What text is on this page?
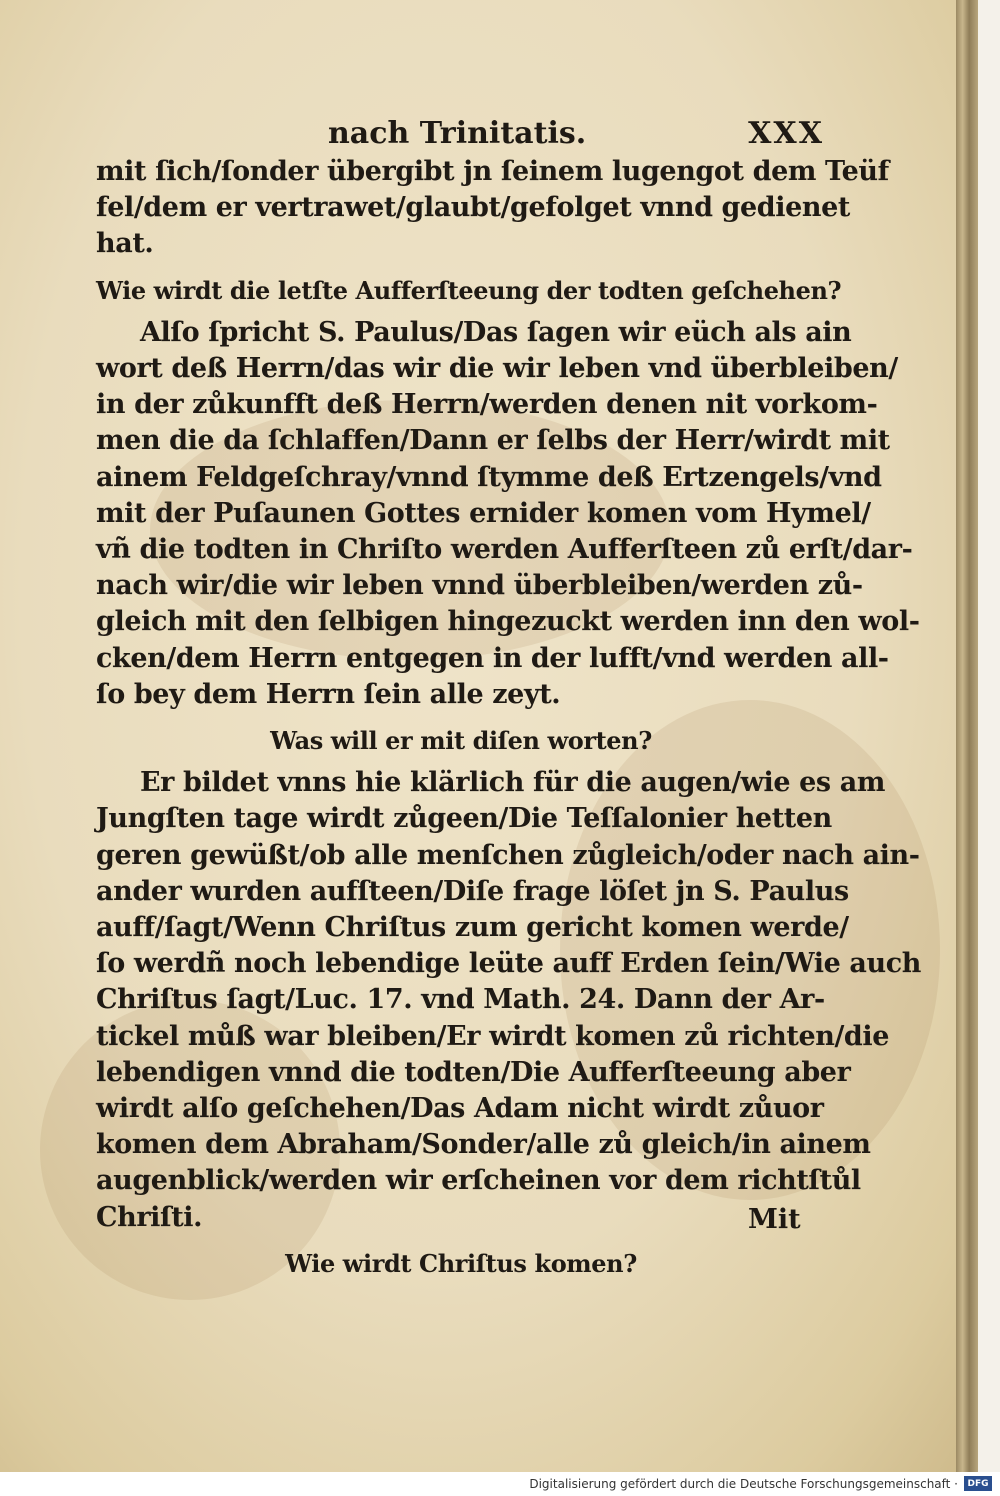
nach Trinitatis.	XXX
mit ſich/ſonder übergibt jn ſeinem lugengot dem Teüf
fel/dem er vertrawet/glaubt/gefolget vnnd gedienet
hat.
Wie wirdt die letſte Aufferſteeung der todten geſchehen?
Alſo ſpricht S. Paulus/Das ſagen wir eüch als ain
wort deß Herrn/das wir die wir leben vnd überbleiben/
in der zůkunfft deß Herrn/werden denen nit vorkom-
men die da ſchlaffen/Dann er ſelbs der Herr/wirdt mit
ainem Feldgeſchray/vnnd ſtymme deß Ertzengels/vnd
mit der Puſaunen Gottes ernider komen vom Hymel/
vñ die todten in Chriſto werden Aufferſteen zů erſt/dar-
nach wir/die wir leben vnnd überbleiben/werden zů-
gleich mit den ſelbigen hingezuckt werden inn den wol-
cken/dem Herrn entgegen in der lufft/vnd werden all-
ſo bey dem Herrn ſein alle zeyt.
Was will er mit diſen worten?
Er bildet vnns hie klärlich für die augen/wie es am
Jungſten tage wirdt zůgeen/Die Teſſalonier hetten
geren gewüßt/ob alle menſchen zůgleich/oder nach ain-
ander wurden aufſteen/Diſe frage löſet jn S. Paulus
auff/ſagt/Wenn Chriſtus zum gericht komen werde/
ſo werdñ noch lebendige leüte auff Erden ſein/Wie auch
Chriſtus ſagt/Luc. 17. vnd Math. 24. Dann der Ar-
tickel můß war bleiben/Er wirdt komen zů richten/die
lebendigen vnnd die todten/Die Aufferſteeung aber
wirdt alſo geſchehen/Das Adam nicht wirdt zůuor
komen dem Abraham/Sonder/alle zů gleich/in ainem
augenblick/werden wir erſcheinen vor dem richtſtůl
Chriſti.
Wie wirdt Chriſtus komen?
Mit
Digitalisierung gefördert durch die Deutsche Forschungsgemeinschaft ·	DFG
